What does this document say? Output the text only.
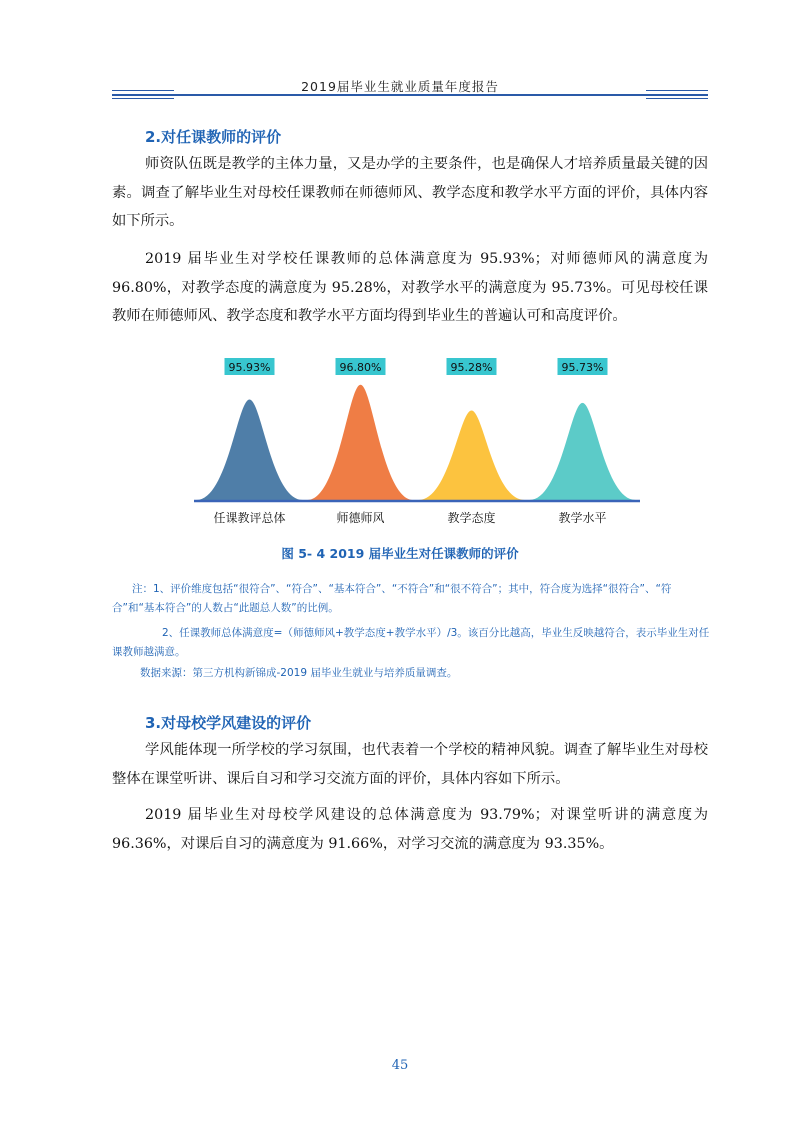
2019届毕业生就业质量年度报告
2.对任课教师的评价

师资队伍既是教学的主体力量，又是办学的主要条件，也是确保人才培养质量最关键的因素。调查了解毕业生对母校任课教师在师德师风、教学态度和教学水平方面的评价，具体内容如下所示。

2019 届毕业生对学校任课教师的总体满意度为 95.93%；对师德师风的满意度为 96.80%，对教学态度的满意度为 95.28%，对教学水平的满意度为 95.73%。可见母校任课教师在师德师风、教学态度和教学水平方面均得到毕业生的普遍认可和高度评价。

95.93%
任课教评总体
96.80%
师德师风
95.28%
教学态度
95.73%
教学水平
图 5- 4 2019 届毕业生对任课教师的评价

注：1、评价维度包括“很符合”、“符合”、“基本符合”、“不符合”和“很不符合”；其中，符合度为选择“很符合”、“符合”和“基本符合”的人数占“此题总人数”的比例。

2、任课教师总体满意度=（师德师风+教学态度+教学水平）/3。该百分比越高，毕业生反映越符合，表示毕业生对任课教师越满意。

数据来源：第三方机构新锦成-2019 届毕业生就业与培养质量调查。

3.对母校学风建设的评价

学风能体现一所学校的学习氛围，也代表着一个学校的精神风貌。调查了解毕业生对母校整体在课堂听讲、课后自习和学习交流方面的评价，具体内容如下所示。

2019 届毕业生对母校学风建设的总体满意度为 93.79%；对课堂听讲的满意度为 96.36%，对课后自习的满意度为 91.66%，对学习交流的满意度为 93.35%。

45
